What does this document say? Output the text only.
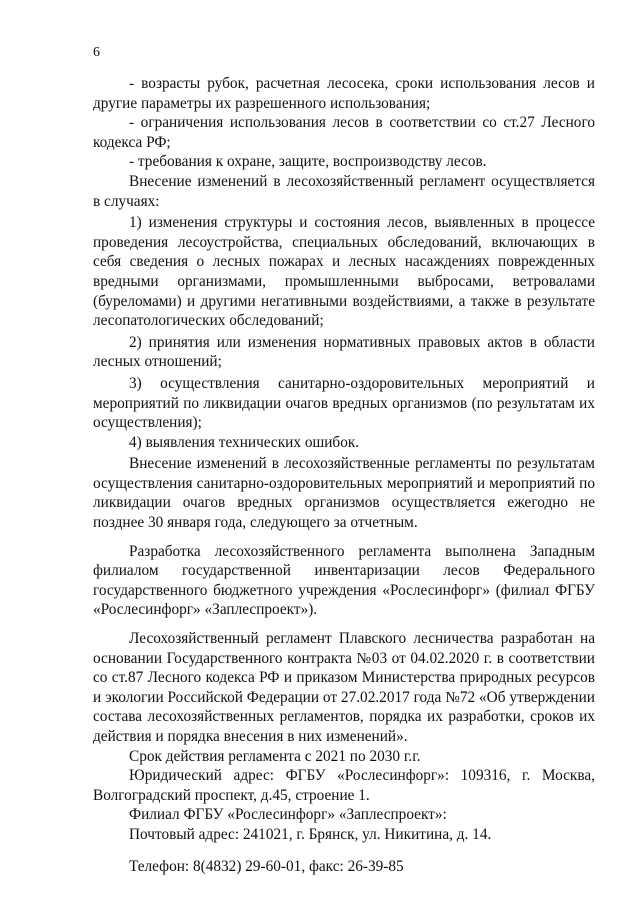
6

- возрасты рубок, расчетная лесосека, сроки использования лесов и другие параметры их разрешенного использования;

- ограничения использования лесов в соответствии со ст.27 Лесного кодекса РФ;

- требования к охране, защите, воспроизводству лесов.

Внесение изменений в лесохозяйственный регламент осуществляется в случаях:

1) изменения структуры и состояния лесов, выявленных в процессе проведения лесоустройства, специальных обследований, включающих в себя сведения о лесных пожарах и лесных насаждениях поврежденных вредными организмами, промышленными выбросами, ветровалами (буреломами) и другими негативными воздействиями, а также в результате лесопатологических обследований;

2) принятия или изменения нормативных правовых актов в области лесных отношений;

3) осуществления санитарно-оздоровительных мероприятий и мероприятий по ликвидации очагов вредных организмов (по результатам их осуществления);

4) выявления технических ошибок.

Внесение изменений в лесохозяйственные регламенты по результатам осуществления санитарно-оздоровительных мероприятий и мероприятий по ликвидации очагов вредных организмов осуществляется ежегодно не позднее 30 января года, следующего за отчетным.

Разработка лесохозяйственного регламента выполнена Западным филиалом государственной инвентаризации лесов Федерального государственного бюджетного учреждения «Рослесинфорг» (филиал ФГБУ «Рослесинфорг» «Заплеспроект»).

Лесохозяйственный регламент Плавского лесничества разработан на основании Государственного контракта №03 от 04.02.2020 г. в соответствии со ст.87 Лесного кодекса РФ и приказом Министерства природных ресурсов и экологии Российской Федерации от 27.02.2017 года №72 «Об утверждении состава лесохозяйственных регламентов, порядка их разработки, сроков их действия и порядка внесения в них изменений».

Срок действия регламента с 2021 по 2030 г.г.

Юридический адрес: ФГБУ «Рослесинфорг»: 109316, г. Москва, Волгоградский проспект, д.45, строение 1.

Филиал ФГБУ «Рослесинфорг» «Заплеспроект»:

Почтовый адрес: 241021, г. Брянск, ул. Никитина, д. 14.

Телефон: 8(4832) 29-60-01, факс: 26-39-85
